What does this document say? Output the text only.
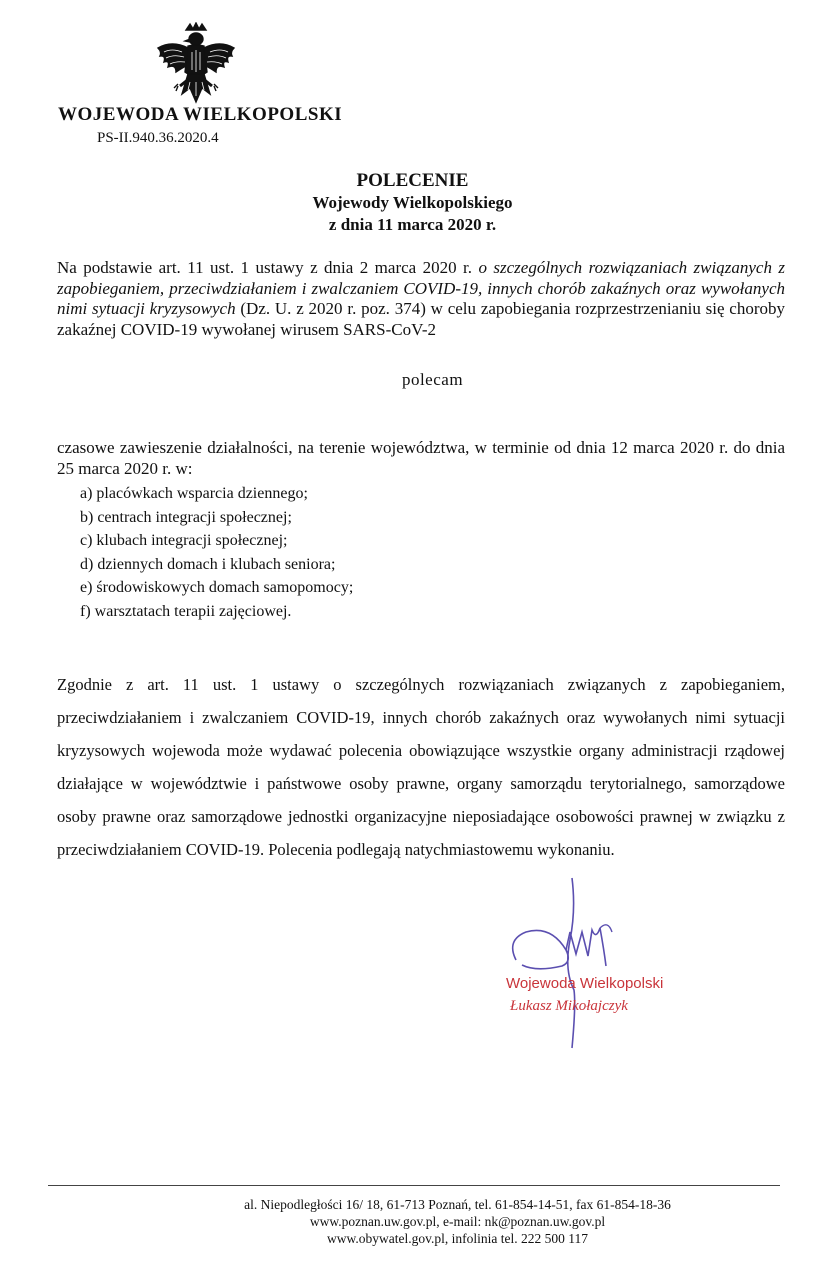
WOJEWODA WIELKOPOLSKI
PS-II.940.36.2020.4
POLECENIE
Wojewody Wielkopolskiego
z dnia 11 marca 2020 r.

Na podstawie art. 11 ust. 1 ustawy z dnia 2 marca 2020 r. o szczególnych rozwiązaniach związanych z zapobieganiem, przeciwdziałaniem i zwalczaniem COVID-19, innych chorób zakaźnych oraz wywołanych nimi sytuacji kryzysowych (Dz. U. z 2020 r. poz. 374) w celu zapobiegania rozprzestrzenianiu się choroby zakaźnej COVID-19 wywołanej wirusem SARS-CoV-2

polecam

czasowe zawieszenie działalności, na terenie województwa, w terminie od dnia 12 marca 2020 r. do dnia 25 marca 2020 r. w:

a) placówkach wsparcia dziennego;
b) centrach integracji społecznej;
c) klubach integracji społecznej;
d) dziennych domach i klubach seniora;
e) środowiskowych domach samopomocy;
f) warsztatach terapii zajęciowej.

Zgodnie z art. 11 ust. 1 ustawy o szczególnych rozwiązaniach związanych z zapobieganiem, przeciwdziałaniem i zwalczaniem COVID-19, innych chorób zakaźnych oraz wywołanych nimi sytuacji kryzysowych wojewoda może wydawać polecenia obowiązujące wszystkie organy administracji rządowej działające w województwie i państwowe osoby prawne, organy samorządu terytorialnego, samorządowe osoby prawne oraz samorządowe jednostki organizacyjne nieposiadające osobowości prawnej w związku z przeciwdziałaniem COVID-19. Polecenia podlegają natychmiastowemu wykonaniu.

Wojewoda Wielkopolski
Łukasz Mikołajczyk
al. Niepodległości 16/ 18, 61-713 Poznań, tel. 61-854-14-51, fax 61-854-18-36
www.poznan.uw.gov.pl, e-mail: nk@poznan.uw.gov.pl
www.obywatel.gov.pl, infolinia tel. 222 500 117
